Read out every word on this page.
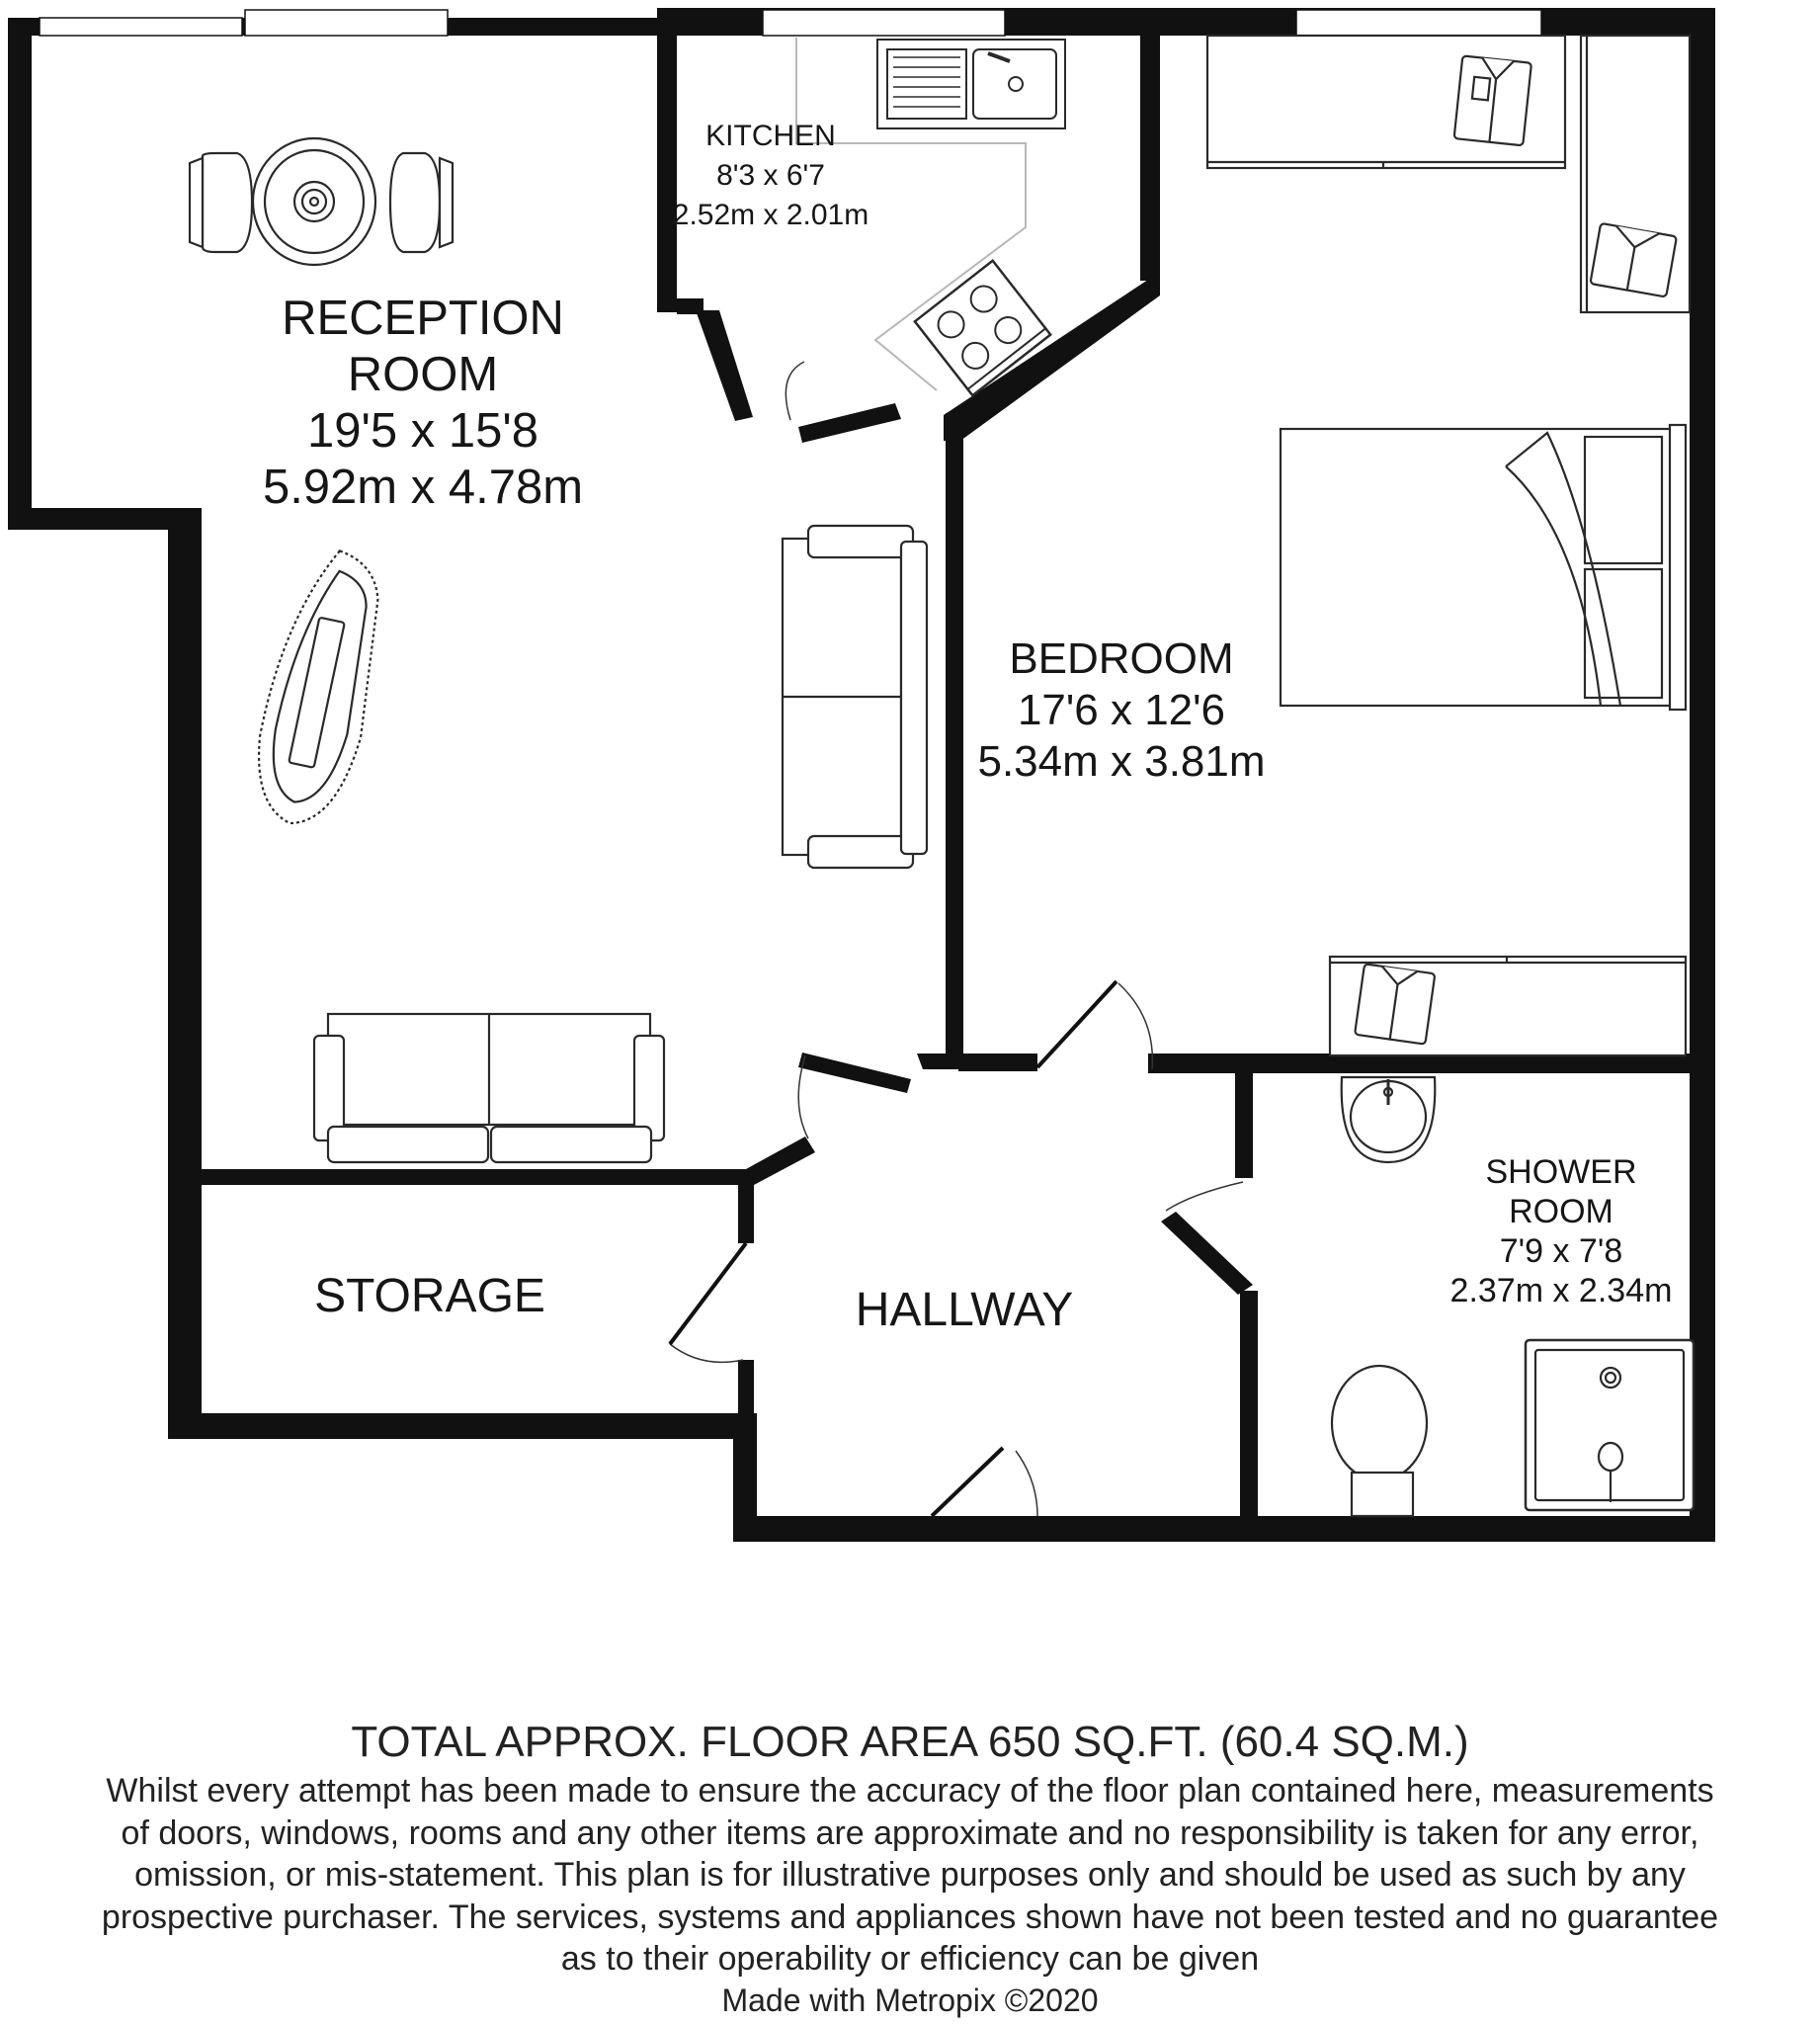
RECEPTION
ROOM
19'5 x 15'8
5.92m x 4.78m
KITCHEN
8'3 x 6'7
2.52m x 2.01m
BEDROOM
17'6 x 12'6
5.34m x 3.81m
SHOWER
ROOM
7'9 x 7'8
2.37m x 2.34m
STORAGE	HALLWAY
TOTAL APPROX. FLOOR AREA 650 SQ.FT. (60.4 SQ.M.)
Whilst every attempt has been made to ensure the accuracy of the floor plan contained here, measurements
of doors, windows, rooms and any other items are approximate and no responsibility is taken for any error,
omission, or mis-statement. This plan is for illustrative purposes only and should be used as such by any
prospective purchaser. The services, systems and appliances shown have not been tested and no guarantee
as to their operability or efficiency can be given
Made with Metropix ©2020
